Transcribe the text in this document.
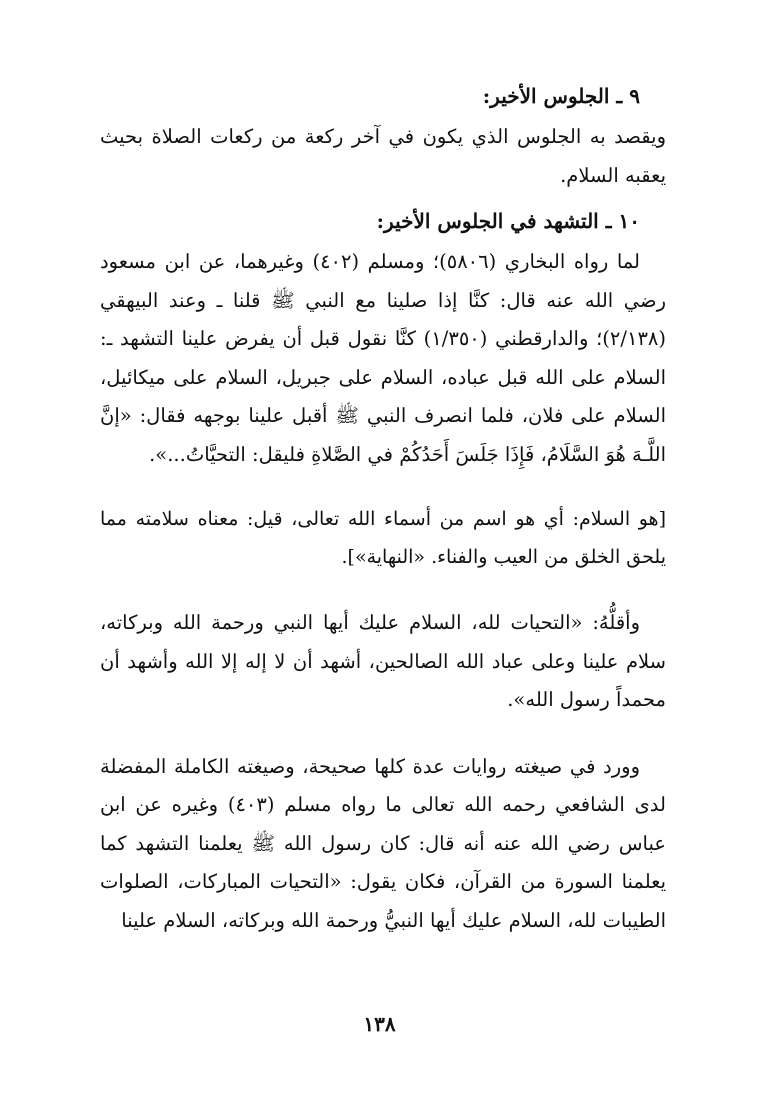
٩ ـ الجلوس الأخير:

ويقصد به الجلوس الذي يكون في آخر ركعة من ركعات الصلاة بحيث يعقبه السلام.

١٠ ـ التشهد في الجلوس الأخير:

لما رواه البخاري (٥٨٠٦)؛ ومسلم (٤٠٢) وغيرهما، عن ابن مسعود رضي الله عنه قال: كنَّا إذا صلينا مع النبي ﷺ قلنا ـ وعند البيهقي (٢/١٣٨)؛ والدارقطني (١/٣٥٠) كنَّا نقول قبل أن يفرض علينا التشهد ـ: السلام على الله قبل عباده، السلام على جبريل، السلام على ميكائيل، السلام على فلان، فلما انصرف النبي ﷺ أقبل علينا بوجهه فقال: «إنَّ اللَّـهَ هُوَ السَّلَامُ، فَإِذَا جَلَسَ أَحَدُكُمْ في الصَّلاةِ فليقل: التحيَّاتُ...».

[هو السلام: أي هو اسم من أسماء الله تعالى، قيل: معناه سلامته مما يلحق الخلق من العيب والفناء. «النهاية»].

وأقلُّهُ: «التحيات لله، السلام عليك أيها النبي ورحمة الله وبركاته، سلام علينا وعلى عباد الله الصالحين، أشهد أن لا إله إلا الله وأشهد أن محمداً رسول الله».

وورد في صيغته روايات عدة كلها صحيحة، وصيغته الكاملة المفضلة لدى الشافعي رحمه الله تعالى ما رواه مسلم (٤٠٣) وغيره عن ابن عباس رضي الله عنه أنه قال: كان رسول الله ﷺ يعلمنا التشهد كما يعلمنا السورة من القرآن، فكان يقول: «التحيات المباركات، الصلوات الطيبات لله، السلام عليك أيها النبيُّ ورحمة الله وبركاته، السلام علينا

١٣٨
